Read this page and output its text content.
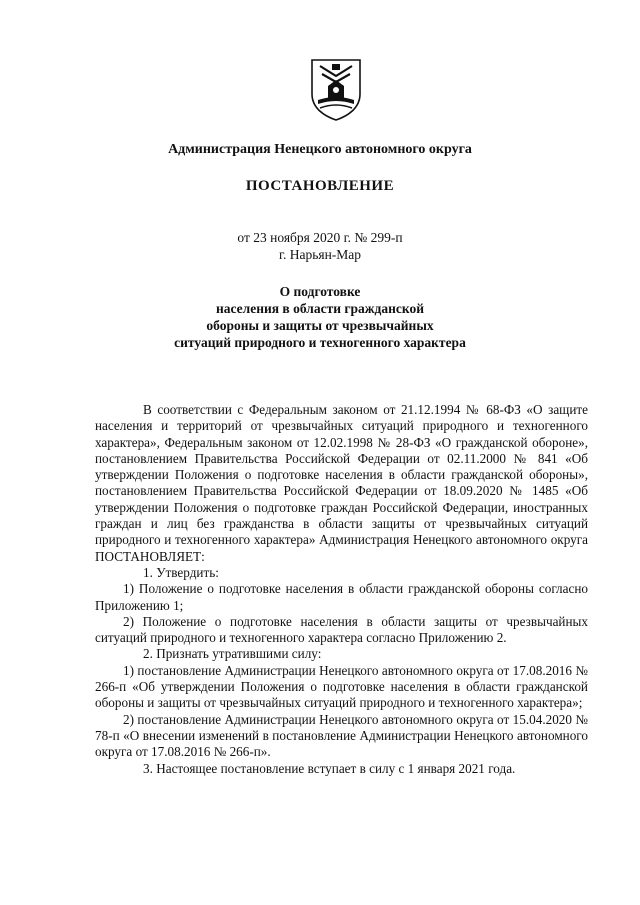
Администрация Ненецкого автономного округа
ПОСТАНОВЛЕНИЕ
от 23 ноября 2020 г. № 299-п
г. Нарьян-Мар
О подготовке
населения в области гражданской
обороны и защиты от чрезвычайных
ситуаций природного и техногенного характера

В соответствии с Федеральным законом от 21.12.1994 № 68-ФЗ «О защите населения и территорий от чрезвычайных ситуаций природного и техногенного характера», Федеральным законом от 12.02.1998 № 28-ФЗ «О гражданской обороне», постановлением Правительства Российской Федерации от 02.11.2000 № 841 «Об утверждении Положения о подготовке населения в области гражданской обороны», постановлением Правительства Российской Федерации от 18.09.2020 № 1485 «Об утверждении Положения о подготовке граждан Российской Федерации, иностранных граждан и лиц без гражданства в области защиты от чрезвычайных ситуаций природного и техногенного характера» Администрация Ненецкого автономного округа ПОСТАНОВЛЯЕТ:

1. Утвердить:

1) Положение о подготовке населения в области гражданской обороны согласно Приложению 1;

2) Положение о подготовке населения в области защиты от чрезвычайных ситуаций природного и техногенного характера согласно Приложению 2.

2. Признать утратившими силу:

1) постановление Администрации Ненецкого автономного округа от 17.08.2016 № 266-п «Об утверждении Положения о подготовке населения в области гражданской обороны и защиты от чрезвычайных ситуаций природного и техногенного характера»;

2) постановление Администрации Ненецкого автономного округа от 15.04.2020 № 78-п «О внесении изменений в постановление Администрации Ненецкого автономного округа от 17.08.2016 № 266-п».

3. Настоящее постановление вступает в силу с 1 января 2021 года.
